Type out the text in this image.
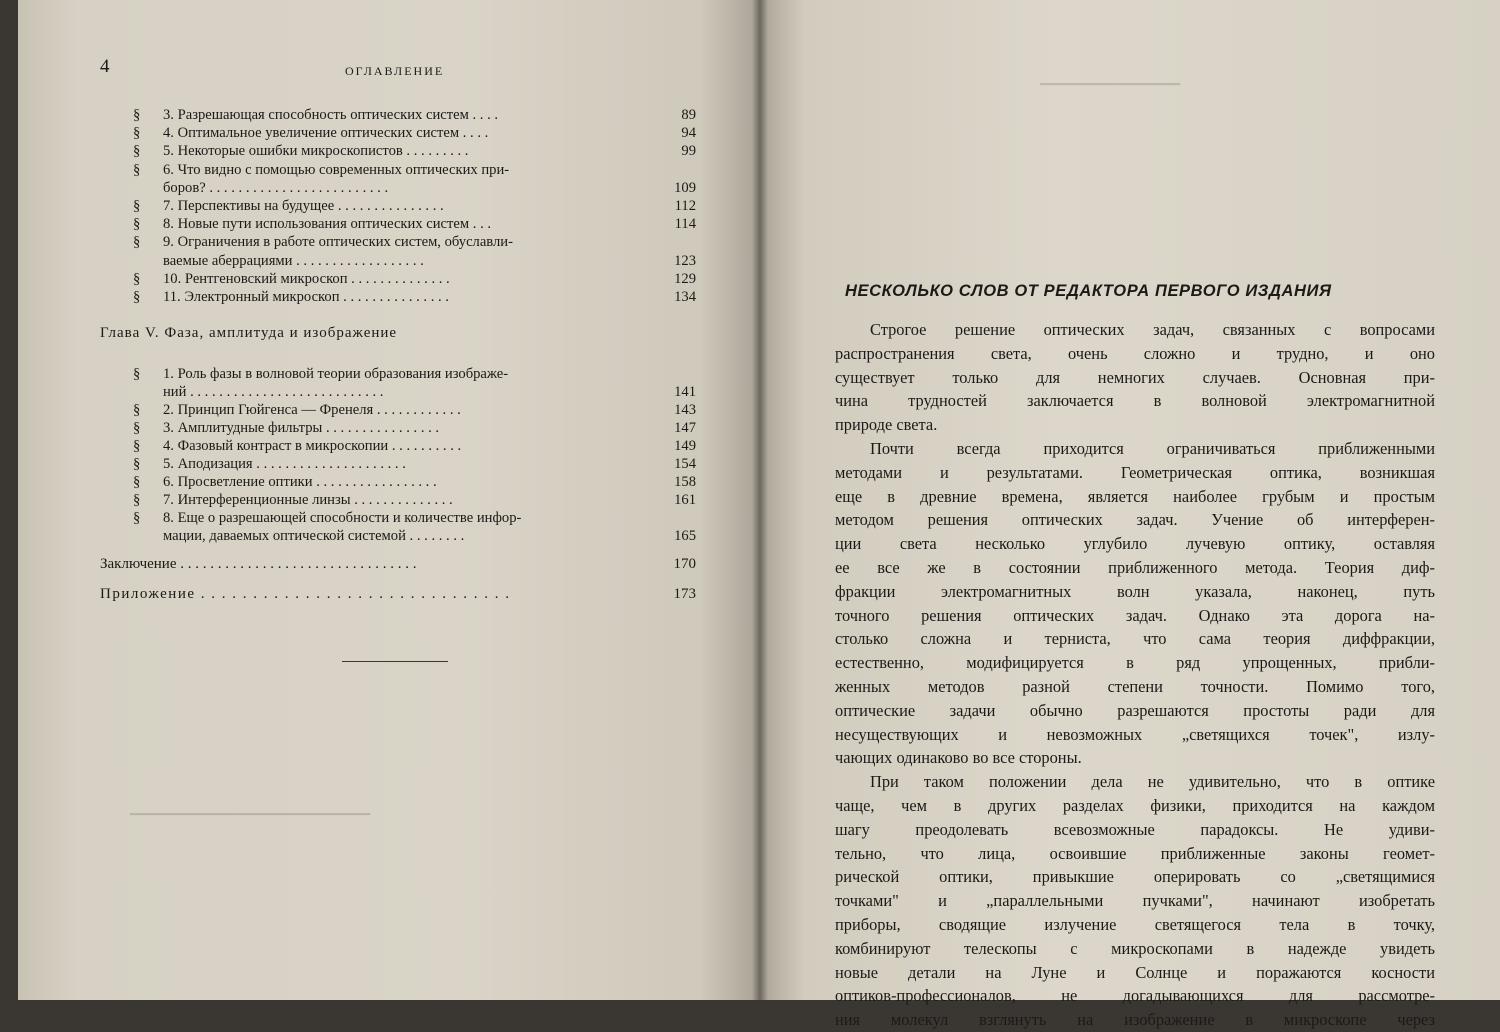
▁▁▁▁▁▁▁▁▁▁▁▁▁▁
▁▁▁▁▁▁▁▁▁▁▁▁▁▁▁▁▁▁▁▁▁▁▁▁
4	ОГЛАВЛЕНИЕ
§	3. Разрешающая способность оптических систем . . . .	89
§	4. Оптимальное увеличение оптических систем . . . .	94
§	5. Некоторые ошибки микроскопистов . . . . . . . . .	99
§	6. Что видно с помощью современных оптических при-
боров? . . . . . . . . . . . . . . . . . . . . . . . . .	109
§	7. Перспективы на будущее . . . . . . . . . . . . . . .	112
§	8. Новые пути использования оптических систем . . .	114
§	9. Ограничения в работе оптических систем, обуславли-
ваемые аберрациями . . . . . . . . . . . . . . . . . .	123
§	10. Рентгеновский микроскоп . . . . . . . . . . . . . .	129
§	11. Электронный микроскоп . . . . . . . . . . . . . . .	134
Глава V. Фаза, амплитуда и изображение
§	1. Роль фазы в волновой теории образования изображе-
ний . . . . . . . . . . . . . . . . . . . . . . . . . . .	141
§	2. Принцип Гюйгенса — Френеля . . . . . . . . . . . .	143
§	3. Амплитудные фильтры . . . . . . . . . . . . . . . .	147
§	4. Фазовый контраст в микроскопии . . . . . . . . . .	149
§	5. Аподизация . . . . . . . . . . . . . . . . . . . . .	154
§	6. Просветление оптики . . . . . . . . . . . . . . . . .	158
§	7. Интерференционные линзы . . . . . . . . . . . . . .	161
§	8. Еще о разрешающей способности и количестве инфор-
мации, даваемых оптической системой . . . . . . . .	165
Заключение . . . . . . . . . . . . . . . . . . . . . . . . . . . . . . . .	170
Приложение . . . . . . . . . . . . . . . . . . . . . . . . . . . . . .	173
НЕСКОЛЬКО СЛОВ ОТ РЕДАКТОРА ПЕРВОГО ИЗДАНИЯ
Строгое решение оптических задач, связанных с вопросами
распространения света, очень сложно и трудно, и оно
существует только для немногих случаев. Основная при-
чина трудностей заключается в волновой электромагнитной
природе света.
Почти всегда приходится ограничиваться приближенными
методами и результатами. Геометрическая оптика, возникшая
еще в древние времена, является наиболее грубым и простым
методом решения оптических задач. Учение об интерферен-
ции света несколько углубило лучевую оптику, оставляя
ее все же в состоянии приближенного метода. Теория диф-
фракции электромагнитных волн указала, наконец, путь
точного решения оптических задач. Однако эта дорога на-
столько сложна и терниста, что сама теория диффракции,
естественно, модифицируется в ряд упрощенных, прибли-
женных методов разной степени точности. Помимо того,
оптические задачи обычно разрешаются простоты ради для
несуществующих и невозможных „светящихся точек", излу-
чающих одинаково во все стороны.
При таком положении дела не удивительно, что в оптике
чаще, чем в других разделах физики, приходится на каждом
шагу преодолевать всевозможные парадоксы. Не удиви-
тельно, что лица, освоившие приближенные законы геомет-
рической оптики, привыкшие оперировать со „светящимися
точками" и „параллельными пучками", начинают изобретать
приборы, сводящие излучение светящегося тела в точку,
комбинируют телескопы с микроскопами в надежде увидеть
новые детали на Луне и Солнце и поражаются косности
оптиков-профессионалов, не догадывающихся для рассмотре-
ния молекул взглянуть на изображение в микроскопе через
